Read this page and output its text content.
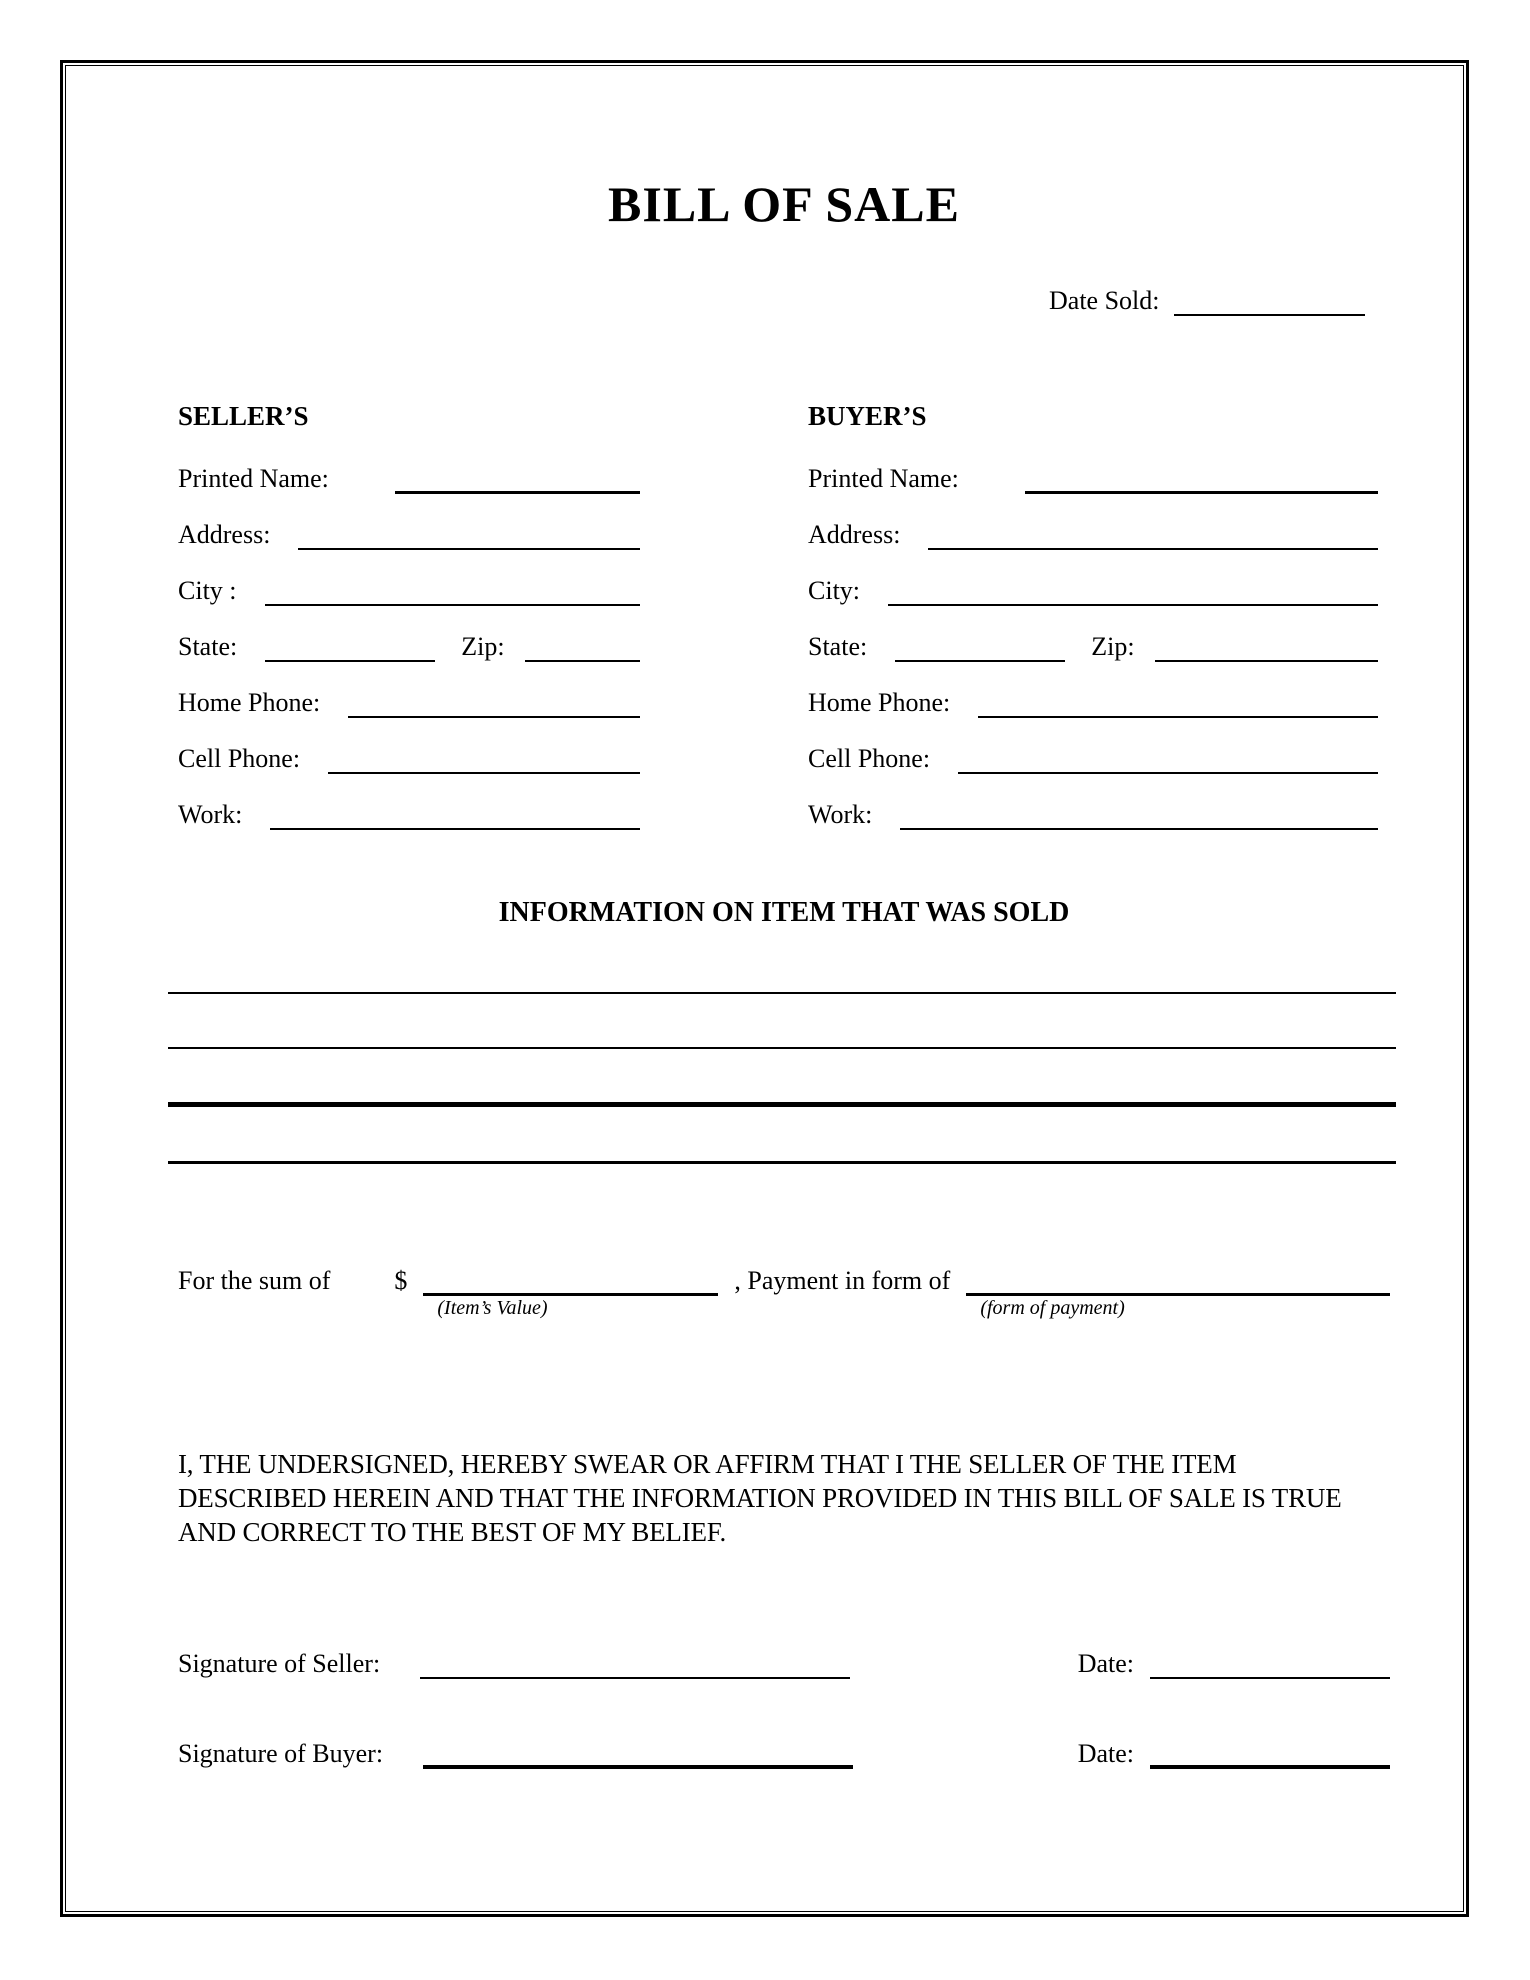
BILL OF SALE
Date Sold:
SELLER’S
Printed Name:
Address:
City :
State:	Zip:
Home Phone:
Cell Phone:
Work:
BUYER’S
Printed Name:
Address:
City:
State:	Zip:
Home Phone:
Cell Phone:
Work:
INFORMATION ON ITEM THAT WAS SOLD
For the sum of $
(Item’s Value)
, Payment in form of
(form of payment)

I, THE UNDERSIGNED, HEREBY SWEAR OR AFFIRM THAT I THE SELLER OF THE ITEM DESCRIBED HEREIN AND THAT THE INFORMATION PROVIDED IN THIS BILL OF SALE IS TRUE AND CORRECT TO THE BEST OF MY BELIEF.

Signature of Seller:	Date:
Signature of Buyer:	Date:
